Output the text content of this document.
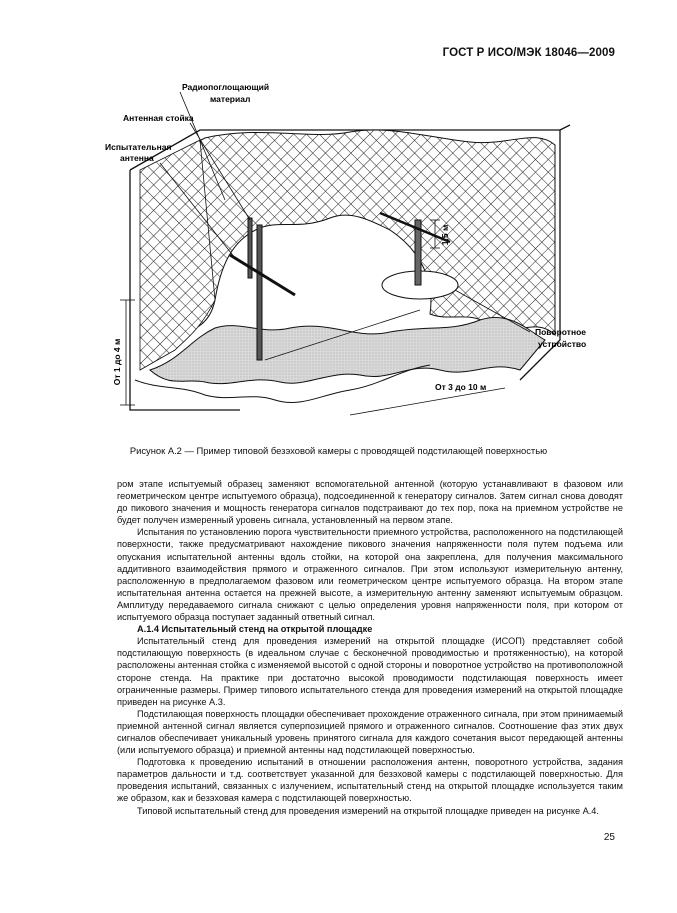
ГОСТ Р ИСО/МЭК 18046—2009
От 1 до 4 м
1,5 м
От 3 до 10 м
Радиопоглощающий
материал
Антенная стойка
Испытательная
антенна
Поворотное
устройство
Рисунок А.2 — Пример типовой безэховой камеры с проводящей подстилающей поверхностью

ром этапе испытуемый образец заменяют вспомогательной антенной (которую устанавливают в фазовом или геометрическом центре испытуемого образца), подсоединенной к генератору сигналов. Затем сигнал снова доводят до пикового значения и мощность генератора сигналов подстраивают до тех пор, пока на приемном устройстве не будет получен измеренный уровень сигнала, установленный на первом этапе.

Испытания по установлению порога чувствительности приемного устройства, расположенного на подстилающей поверхности, также предусматривают нахождение пикового значения напряженности поля путем подъема или опускания испытательной антенны вдоль стойки, на которой она закреплена, для получения максимального аддитивного взаимодействия прямого и отраженного сигналов. При этом используют измерительную антенну, расположенную в предполагаемом фазовом или геометрическом центре испытуемого образца. На втором этапе испытательная антенна остается на прежней высоте, а измерительную антенну заменяют испытуемым образцом. Амплитуду передаваемого сигнала снижают с целью определения уровня напряженности поля, при котором от испытуемого образца поступает заданный ответный сигнал.

А.1.4 Испытательный стенд на открытой площадке

Испытательный стенд для проведения измерений на открытой площадке (ИСОП) представляет собой подстилающую поверхность (в идеальном случае с бесконечной проводимостью и протяженностью), на которой расположены антенная стойка с изменяемой высотой с одной стороны и поворотное устройство на противоположной стороне стенда. На практике при достаточно высокой проводимости подстилающая поверхность имеет ограниченные размеры. Пример типового испытательного стенда для проведения измерений на открытой площадке приведен на рисунке А.3.

Подстилающая поверхность площадки обеспечивает прохождение отраженного сигнала, при этом принимаемый приемной антенной сигнал является суперпозицией прямого и отраженного сигналов. Соотношение фаз этих двух сигналов обеспечивает уникальный уровень принятого сигнала для каждого сочетания высот передающей антенны (или испытуемого образца) и приемной антенны над подстилающей поверхностью.

Подготовка к проведению испытаний в отношении расположения антенн, поворотного устройства, задания параметров дальности и т.д. соответствует указанной для безэховой камеры с подстилающей поверхностью. Для проведения испытаний, связанных с излучением, испытательный стенд на открытой площадке используется таким же образом, как и безэховая камера с подстилающей поверхностью.

Типовой испытательный стенд для проведения измерений на открытой площадке приведен на рисунке А.4.

25
